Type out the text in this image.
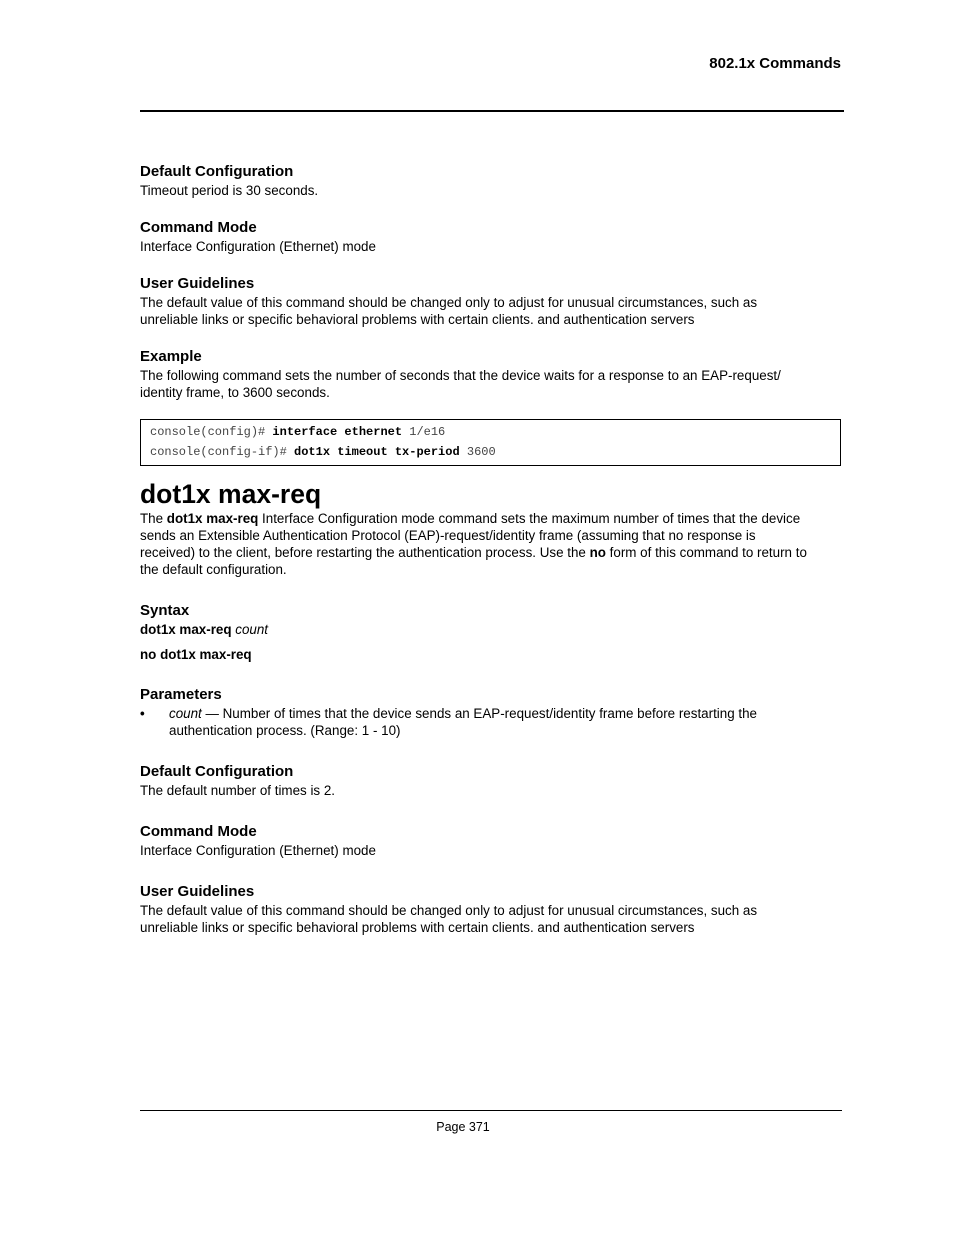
802.1x Commands

Default Configuration

Timeout period is 30 seconds.

Command Mode

Interface Configuration (Ethernet) mode

User Guidelines

The default value of this command should be changed only to adjust for unusual circumstances, such as

unreliable links or specific behavioral problems with certain clients. and authentication servers

Example

The following command sets the number of seconds that the device waits for a response to an EAP-request/

identity frame, to 3600 seconds.

console(config)# interface ethernet 1/e16
console(config-if)# dot1x timeout tx-period 3600
dot1x max-req

The dot1x max-req Interface Configuration mode command sets the maximum number of times that the device

sends an Extensible Authentication Protocol (EAP)-request/identity frame (assuming that no response is

received) to the client, before restarting the authentication process. Use the no form of this command to return to

the default configuration.

Syntax

dot1x max-req count

no dot1x max-req

Parameters

• count — Number of times that the device sends an EAP-request/identity frame before restarting the
authentication process. (Range: 1 - 10)

Default Configuration

The default number of times is 2.

Command Mode

Interface Configuration (Ethernet) mode

User Guidelines

The default value of this command should be changed only to adjust for unusual circumstances, such as

unreliable links or specific behavioral problems with certain clients. and authentication servers

Page 371
